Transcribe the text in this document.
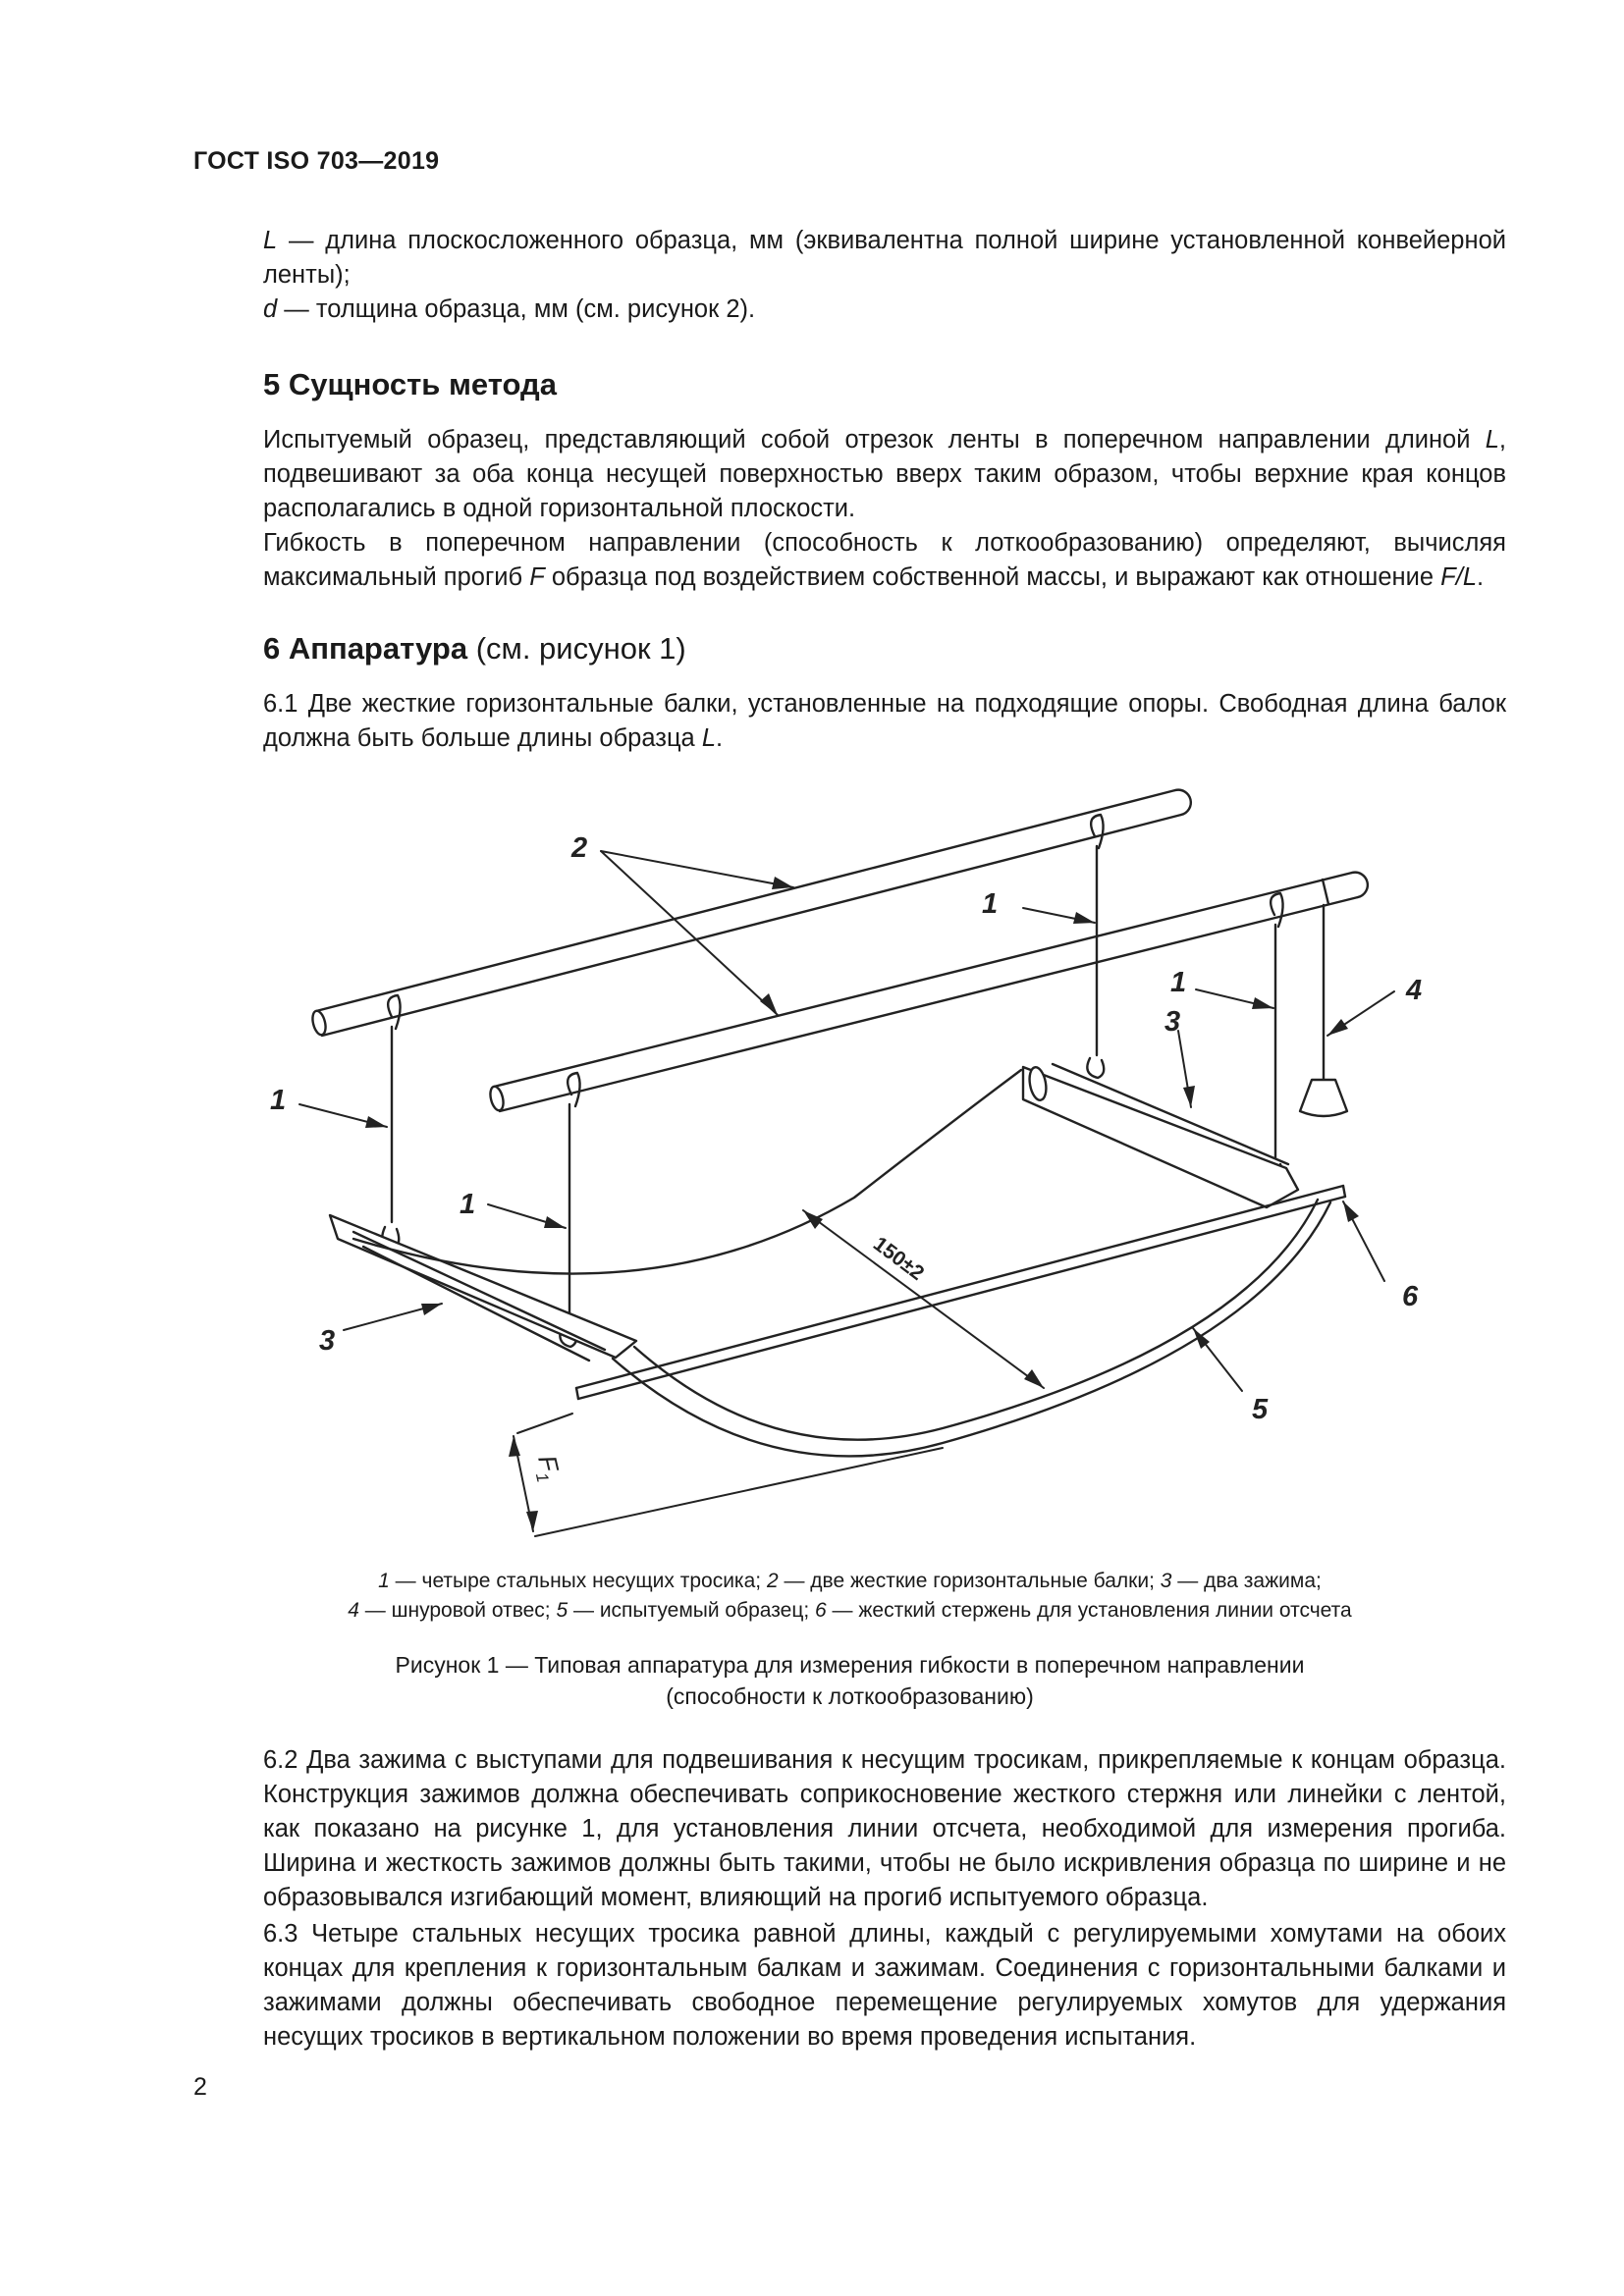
ГОСТ ISO 703—2019
L — длина плоскосложенного образца, мм (эквивалентна полной ширине установленной конвейерной ленты);
d — толщина образца, мм (см. рисунок 2).
5 Сущность метода
Испытуемый образец, представляющий собой отрезок ленты в поперечном направлении длиной L, подвешивают за оба конца несущей поверхностью вверх таким образом, чтобы верхние края концов располагались в одной горизонтальной плоскости.
Гибкость в поперечном направлении (способность к лоткообразованию) определяют, вычисляя максимальный прогиб F образца под воздействием собственной массы, и выражают как отношение F/L.
6 Аппаратура (см. рисунок 1)
6.1 Две жесткие горизонтальные балки, установленные на подходящие опоры. Свободная длина балок должна быть больше длины образца L.
2
1
1
3
4
1
1
3
6
5
150±2
$F_1$
1 — четыре стальных несущих тросика; 2 — две жесткие горизонтальные балки; 3 — два зажима;
4 — шнуровой отвес; 5 — испытуемый образец; 6 — жесткий стержень для установления линии отсчета
Рисунок 1 — Типовая аппаратура для измерения гибкости в поперечном направлении
(способности к лоткообразованию)
6.2 Два зажима с выступами для подвешивания к несущим тросикам, прикрепляемые к концам образца. Конструкция зажимов должна обеспечивать соприкосновение жесткого стержня или линейки с лентой, как показано на рисунке 1, для установления линии отсчета, необходимой для измерения прогиба. Ширина и жесткость зажимов должны быть такими, чтобы не было искривления образца по ширине и не образовывался изгибающий момент, влияющий на прогиб испытуемого образца.
6.3 Четыре стальных несущих тросика равной длины, каждый с регулируемыми хомутами на обоих концах для крепления к горизонтальным балкам и зажимам. Соединения с горизонтальными балками и зажимами должны обеспечивать свободное перемещение регулируемых хомутов для удержания несущих тросиков в вертикальном положении во время проведения испытания.
2
